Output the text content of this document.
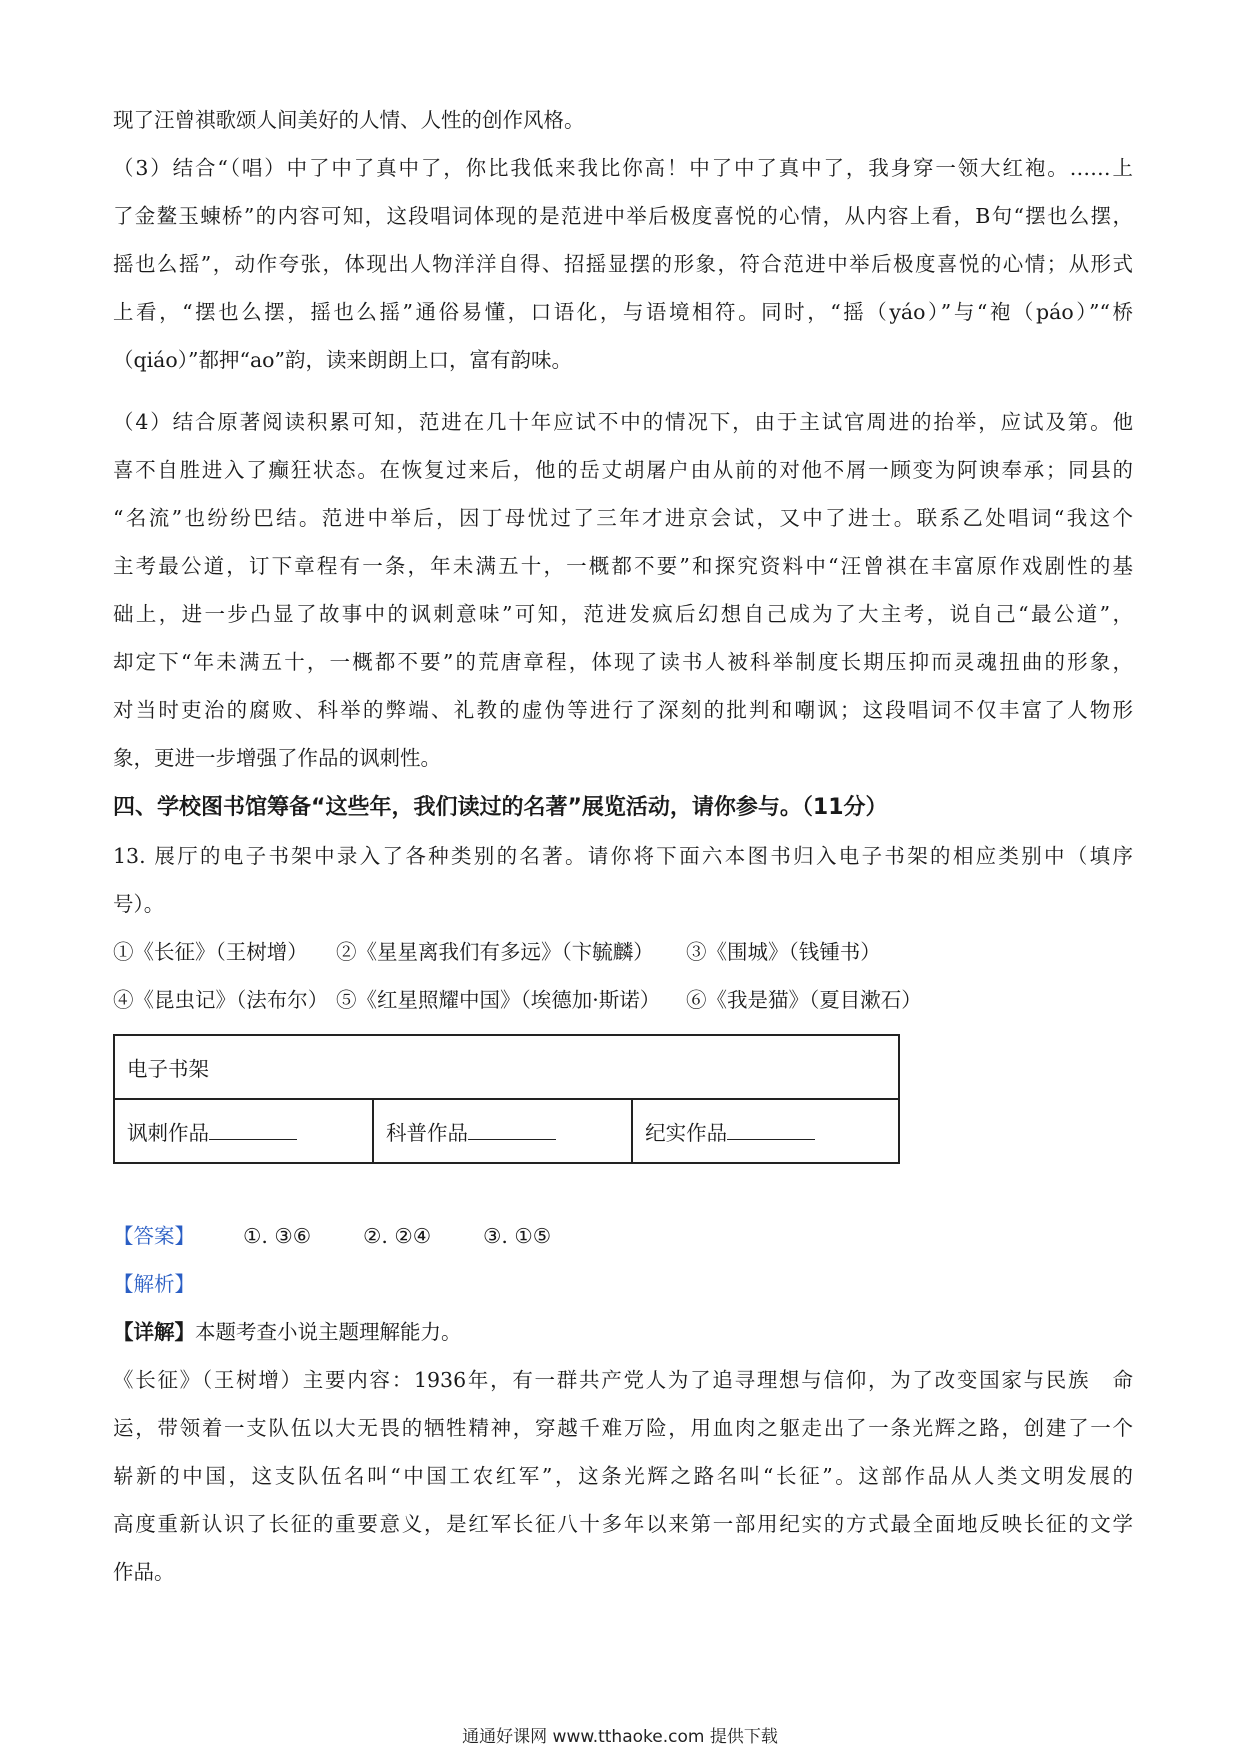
现了汪曾祺歌颂人间美好的人情、人性的创作风格。
（3）结合“（唱）中了中了真中了，你比我低来我比你高！中了中了真中了，我身穿一领大红袍。……上
了金鳌玉蝀桥”的内容可知，这段唱词体现的是范进中举后极度喜悦的心情，从内容上看，B句“摆也么摆，
摇也么摇”，动作夸张，体现出人物洋洋自得、招摇显摆的形象，符合范进中举后极度喜悦的心情；从形式
上看，“摆也么摆，摇也么摇”通俗易懂，口语化，与语境相符。同时，“摇（yáo）”与“袍（páo）”“桥
（qiáo）”都押“ao”韵，读来朗朗上口，富有韵味。
（4）结合原著阅读积累可知，范进在几十年应试不中的情况下，由于主试官周进的抬举，应试及第。他
喜不自胜进入了癫狂状态。在恢复过来后，他的岳丈胡屠户由从前的对他不屑一顾变为阿谀奉承；同县的
“名流”也纷纷巴结。范进中举后，因丁母忧过了三年才进京会试，又中了进士。联系乙处唱词“我这个
主考最公道，订下章程有一条，年未满五十，一概都不要”和探究资料中“汪曾祺在丰富原作戏剧性的基
础上，进一步凸显了故事中的讽刺意味”可知，范进发疯后幻想自己成为了大主考，说自己“最公道”，
却定下“年未满五十，一概都不要”的荒唐章程，体现了读书人被科举制度长期压抑而灵魂扭曲的形象，
对当时吏治的腐败、科举的弊端、礼教的虚伪等进行了深刻的批判和嘲讽；这段唱词不仅丰富了人物形
象，更进一步增强了作品的讽刺性。
四、学校图书馆筹备“这些年，我们读过的名著”展览活动，请你参与。（11分）
13. 展厅的电子书架中录入了各种类别的名著。请你将下面六本图书归入电子书架的相应类别中（填序
号）。
①《长征》（王树增） ②《星星离我们有多远》（卞毓麟） ③《围城》（钱锺书）
④《昆虫记》（法布尔） ⑤《红星照耀中国》（埃德加·斯诺） ⑥《我是猫》（夏目漱石）
电子书架
讽刺作品	科普作品	纪实作品
【答案】 ①. ③⑥	②. ②④	③. ①⑤
【解析】
【详解】本题考查小说主题理解能力。
《长征》（王树增）主要内容：1936年，有一群共产党人为了追寻理想与信仰，为了改变国家与民族　命
运，带领着一支队伍以大无畏的牺牲精神，穿越千难万险，用血肉之躯走出了一条光辉之路，创建了一个
崭新的中国，这支队伍名叫“中国工农红军”，这条光辉之路名叫“长征”。这部作品从人类文明发展的
高度重新认识了长征的重要意义，是红军长征八十多年以来第一部用纪实的方式最全面地反映长征的文学
作品。
通通好课网 www.tthaoke.com 提供下载
